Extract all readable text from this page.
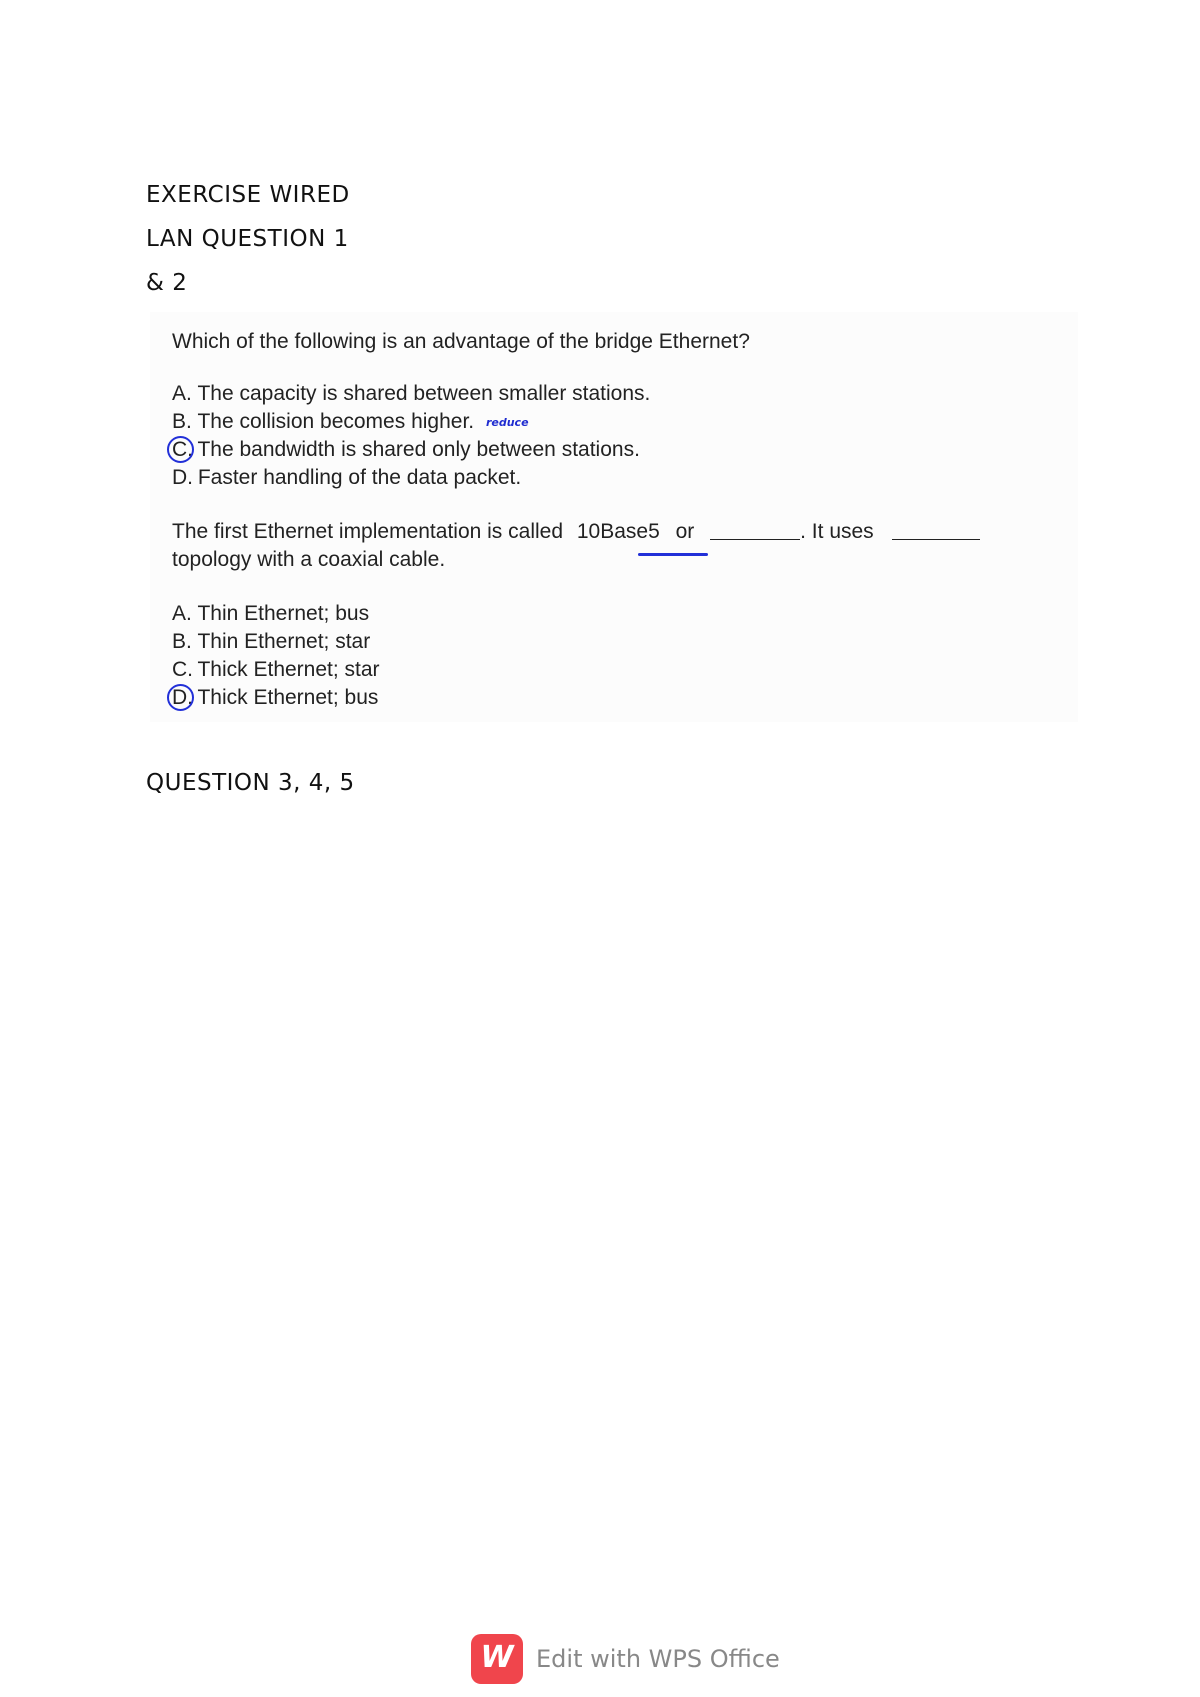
EXERCISE WIRED
LAN QUESTION 1
& 2
Which of the following is an advantage of the bridge Ethernet?
A. The capacity is shared between smaller stations.
B. The collision becomes higher. reduce
C. The bandwidth is shared only between stations.
D. Faster handling of the data packet.
The first Ethernet implementation is called 10Base5 or	. It uses
topology with a coaxial cable.
A. Thin Ethernet; bus
B. Thin Ethernet; star
C. Thick Ethernet; star
D. Thick Ethernet; bus
QUESTION 3, 4, 5
W Edit with WPS Office
